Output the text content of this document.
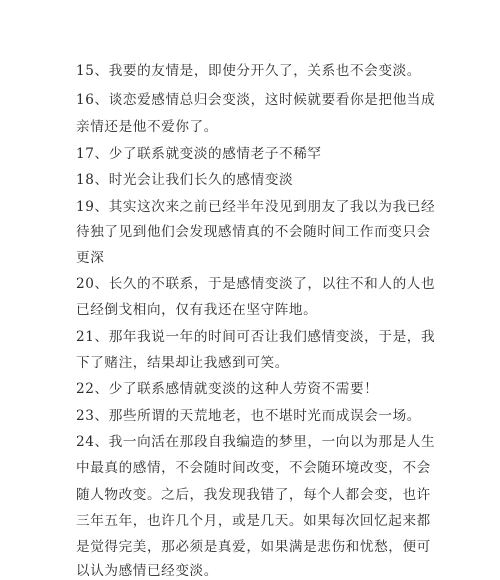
15、我要的友情是，即使分开久了，关系也不会变淡。
16、谈恋爱感情总归会变淡，这时候就要看你是把他当成
亲情还是他不爱你了。
17、少了联系就变淡的感情老子不稀罕
18、时光会让我们长久的感情变淡
19、其实这次来之前已经半年没见到朋友了我以为我已经
待独了见到他们会发现感情真的不会随时间工作而变只会
更深
20、长久的不联系，于是感情变淡了，以往不和人的人也
已经倒戈相向，仅有我还在坚守阵地。
21、那年我说一年的时间可否让我们感情变淡，于是，我
下了赌注，结果却让我感到可笑。
22、少了联系感情就变淡的这种人劳资不需要！
23、那些所谓的天荒地老，也不堪时光而成误会一场。
24、我一向活在那段自我编造的梦里，一向以为那是人生
中最真的感情，不会随时间改变，不会随环境改变，不会
随人物改变。之后，我发现我错了，每个人都会变，也许
三年五年，也许几个月，或是几天。如果每次回忆起来都
是觉得完美，那必须是真爱，如果满是悲伤和忧愁，便可
以认为感情已经变淡。
